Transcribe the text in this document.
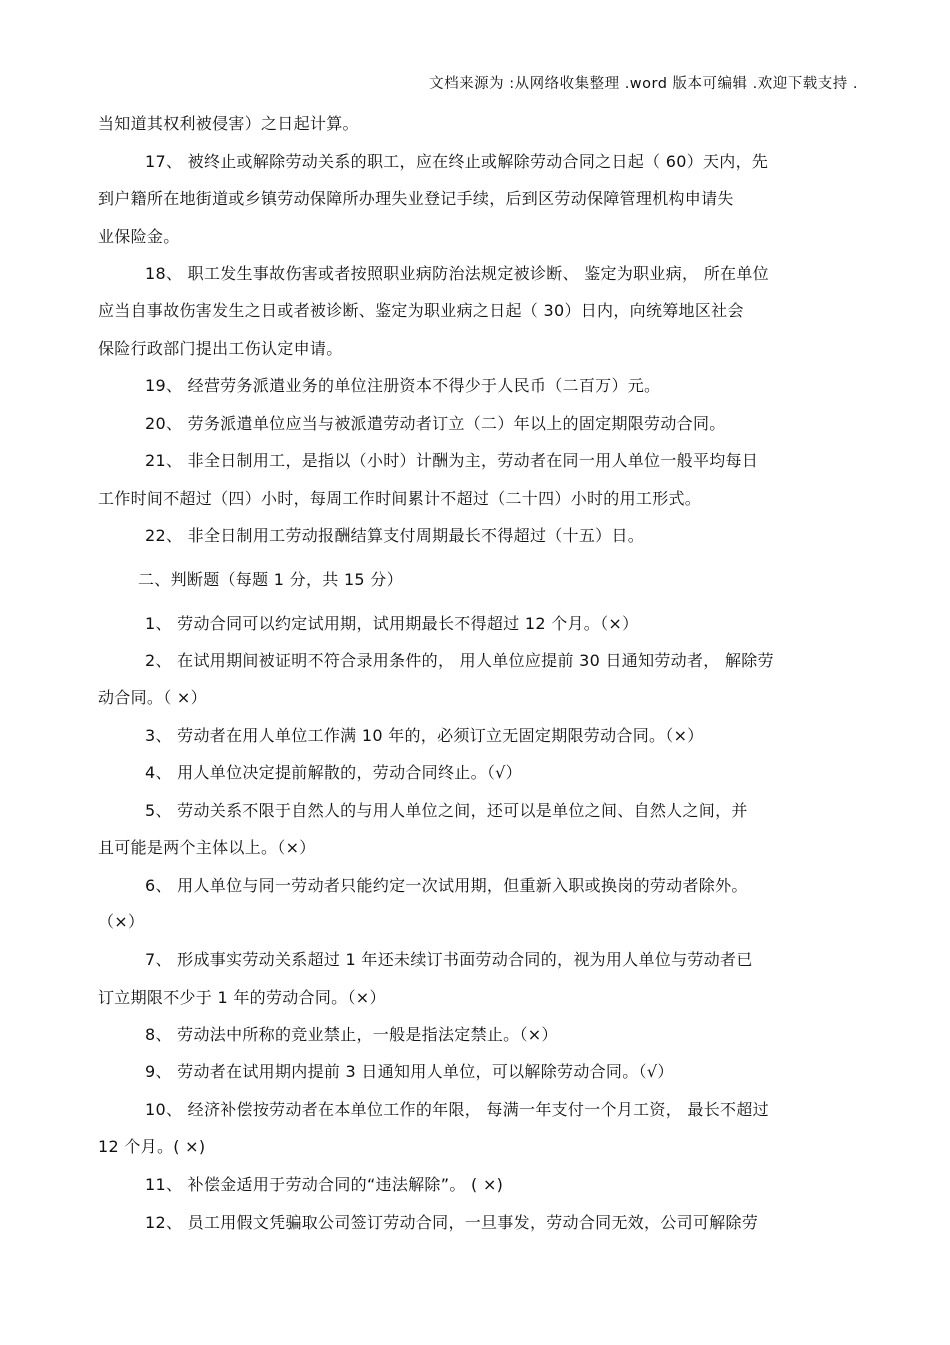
文档来源为 :从网络收集整理 .word 版本可编辑 .欢迎下载支持 .
当知道其权利被侵害）之日起计算。
17、 被终止或解除劳动关系的职工，应在终止或解除劳动合同之日起（ 60）天内，先
到户籍所在地街道或乡镇劳动保障所办理失业登记手续，后到区劳动保障管理机构申请失
业保险金。
18、 职工发生事故伤害或者按照职业病防治法规定被诊断、 鉴定为职业病， 所在单位
应当自事故伤害发生之日或者被诊断、鉴定为职业病之日起（ 30）日内，向统筹地区社会
保险行政部门提出工伤认定申请。
19、 经营劳务派遣业务的单位注册资本不得少于人民币（二百万）元。
20、 劳务派遣单位应当与被派遣劳动者订立（二）年以上的固定期限劳动合同。
21、 非全日制用工，是指以（小时）计酬为主，劳动者在同一用人单位一般平均每日
工作时间不超过（四）小时，每周工作时间累计不超过（二十四）小时的用工形式。
22、 非全日制用工劳动报酬结算支付周期最长不得超过（十五）日。
二、判断题（每题 1 分，共 15 分）
1、 劳动合同可以约定试用期，试用期最长不得超过 12 个月。（×）
2、 在试用期间被证明不符合录用条件的， 用人单位应提前 30 日通知劳动者， 解除劳
动合同。（ ×）
3、 劳动者在用人单位工作满 10 年的，必须订立无固定期限劳动合同。（×）
4、 用人单位决定提前解散的，劳动合同终止。（√）
5、 劳动关系不限于自然人的与用人单位之间，还可以是单位之间、自然人之间，并
且可能是两个主体以上。（×）
6、 用人单位与同一劳动者只能约定一次试用期，但重新入职或换岗的劳动者除外。
（×）
7、 形成事实劳动关系超过 1 年还未续订书面劳动合同的，视为用人单位与劳动者已
订立期限不少于 1 年的劳动合同。（×）
8、 劳动法中所称的竞业禁止，一般是指法定禁止。（×）
9、 劳动者在试用期内提前 3 日通知用人单位，可以解除劳动合同。（√）
10、 经济补偿按劳动者在本单位工作的年限， 每满一年支付一个月工资， 最长不超过
12 个月。( ×)
11、 补偿金适用于劳动合同的“违法解除”。 ( ×)
12、 员工用假文凭骗取公司签订劳动合同，一旦事发，劳动合同无效，公司可解除劳
